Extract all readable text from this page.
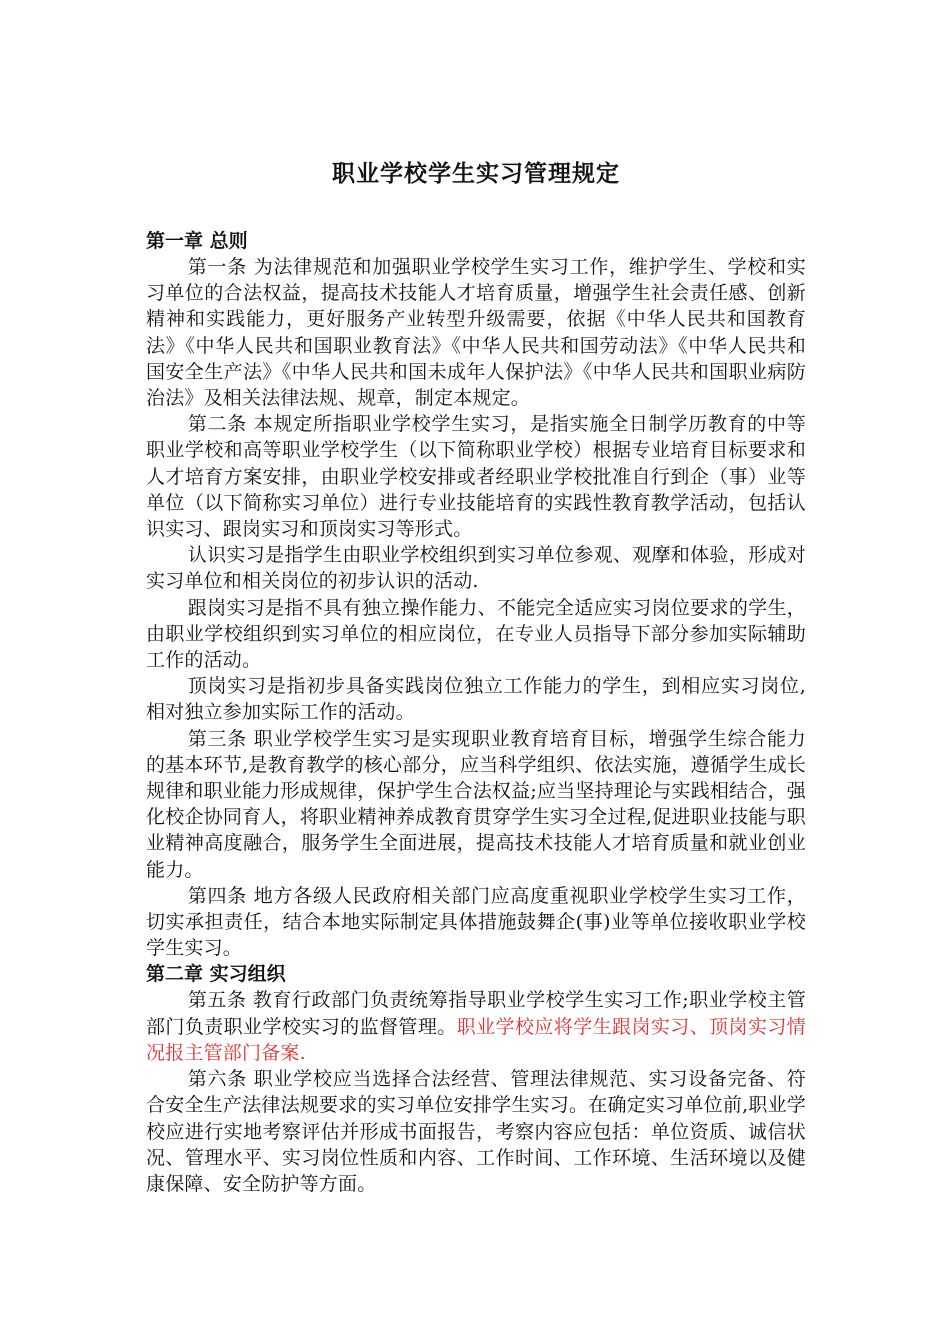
职业学校学生实习管理规定

第一章 总则

第一条 为法律规范和加强职业学校学生实习工作，维护学生、学校和实习单位的合法权益，提高技术技能人才培育质量，增强学生社会责任感、创新精神和实践能力，更好服务产业转型升级需要，依据《中华人民共和国教育法》《中华人民共和国职业教育法》《中华人民共和国劳动法》《中华人民共和国安全生产法》《中华人民共和国未成年人保护法》《中华人民共和国职业病防治法》及相关法律法规、规章，制定本规定。

第二条 本规定所指职业学校学生实习，是指实施全日制学历教育的中等职业学校和高等职业学校学生（以下简称职业学校）根据专业培育目标要求和人才培育方案安排，由职业学校安排或者经职业学校批准自行到企（事）业等单位（以下简称实习单位）进行专业技能培育的实践性教育教学活动，包括认识实习、跟岗实习和顶岗实习等形式。

认识实习是指学生由职业学校组织到实习单位参观、观摩和体验，形成对实习单位和相关岗位的初步认识的活动.

跟岗实习是指不具有独立操作能力、不能完全适应实习岗位要求的学生，由职业学校组织到实习单位的相应岗位，在专业人员指导下部分参加实际辅助工作的活动。

顶岗实习是指初步具备实践岗位独立工作能力的学生，到相应实习岗位,相对独立参加实际工作的活动。

第三条 职业学校学生实习是实现职业教育培育目标，增强学生综合能力的基本环节,是教育教学的核心部分，应当科学组织、依法实施，遵循学生成长规律和职业能力形成规律，保护学生合法权益;应当坚持理论与实践相结合，强化校企协同育人，将职业精神养成教育贯穿学生实习全过程,促进职业技能与职业精神高度融合，服务学生全面进展，提高技术技能人才培育质量和就业创业能力。

第四条 地方各级人民政府相关部门应高度重视职业学校学生实习工作，切实承担责任，结合本地实际制定具体措施鼓舞企(事)业等单位接收职业学校学生实习。

第二章 实习组织

第五条 教育行政部门负责统筹指导职业学校学生实习工作;职业学校主管部门负责职业学校实习的监督管理。职业学校应将学生跟岗实习、顶岗实习情况报主管部门备案.

第六条 职业学校应当选择合法经营、管理法律规范、实习设备完备、符合安全生产法律法规要求的实习单位安排学生实习。在确定实习单位前,职业学校应进行实地考察评估并形成书面报告，考察内容应包括：单位资质、诚信状况、管理水平、实习岗位性质和内容、工作时间、工作环境、生活环境以及健康保障、安全防护等方面。
